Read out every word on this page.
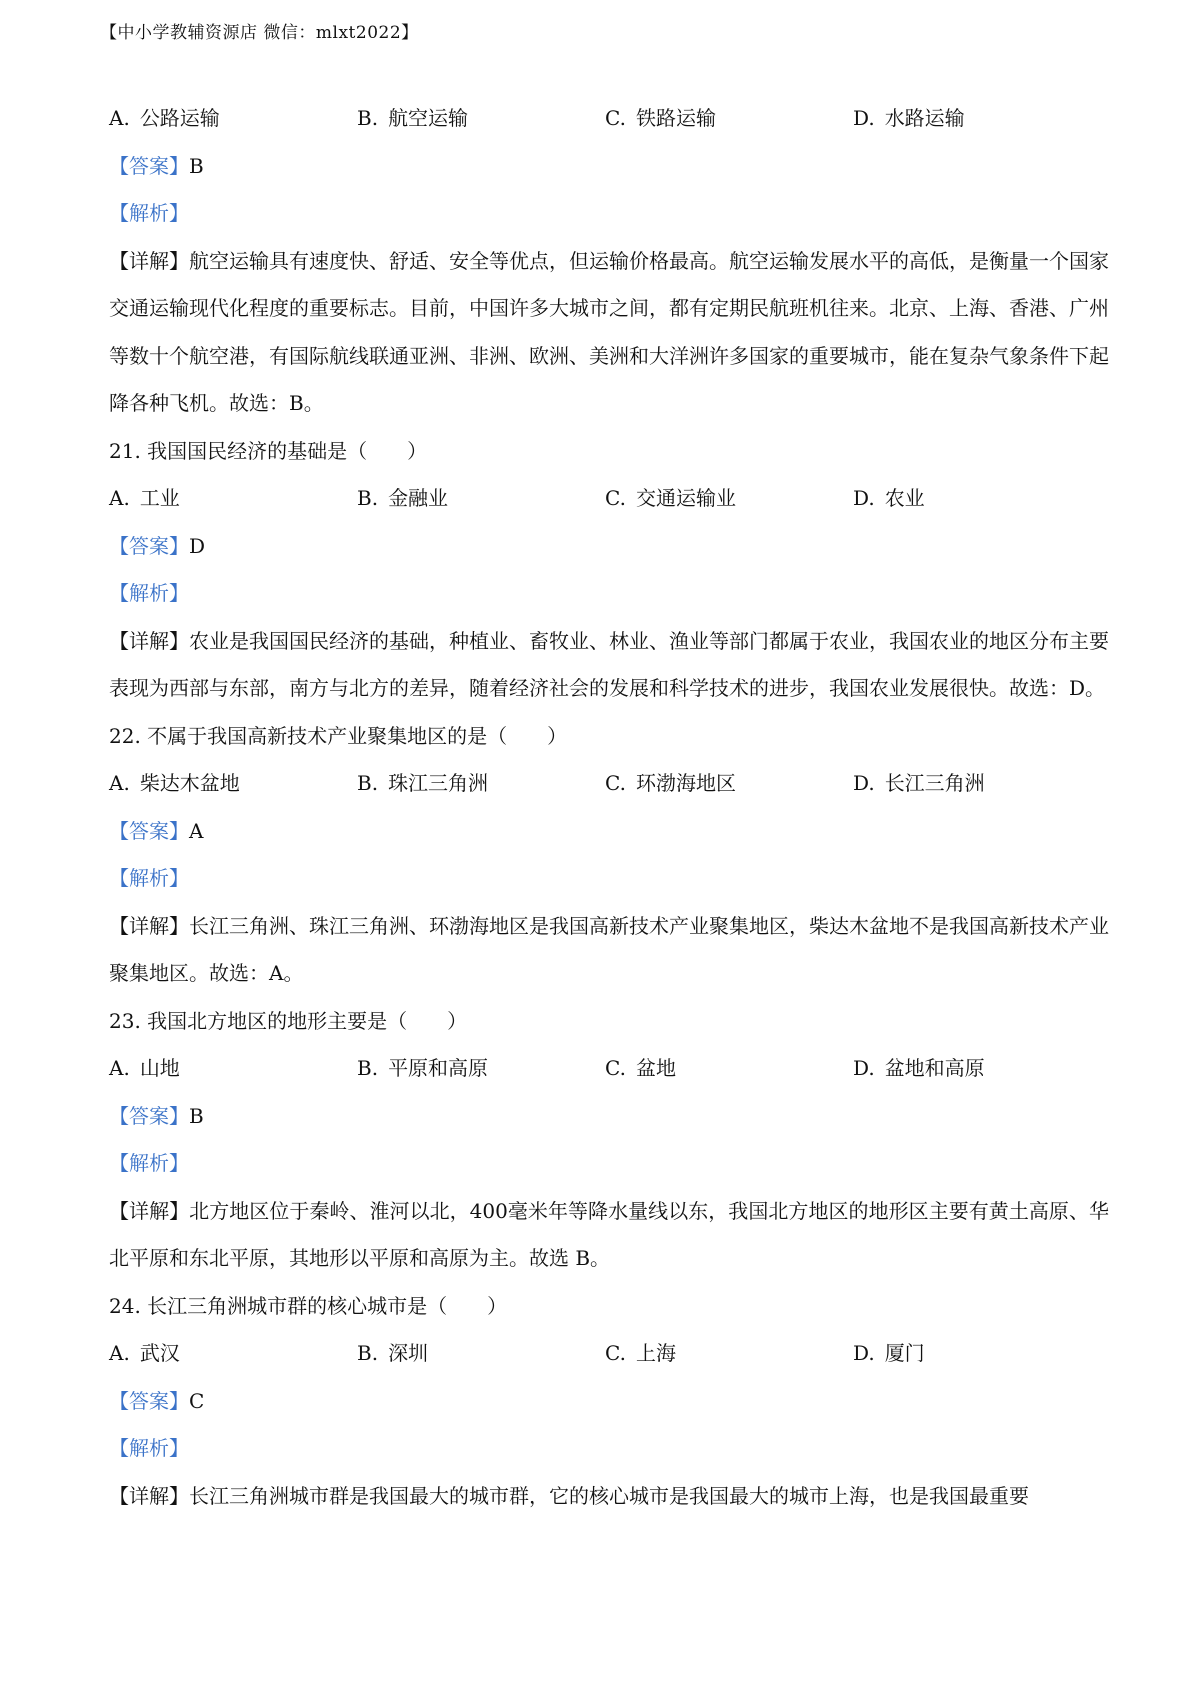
【中小学教辅资源店 微信：mlxt2022】
A. 公路运输	B. 航空运输	C. 铁路运输	D. 水路运输
【答案】B
【解析】
【详解】航空运输具有速度快、舒适、安全等优点，但运输价格最高。航空运输发展水平的高低，是衡量一个国家交通运输现代化程度的重要标志。目前，中国许多大城市之间，都有定期民航班机往来。北京、上海、香港、广州等数十个航空港，有国际航线联通亚洲、非洲、欧洲、美洲和大洋洲许多国家的重要城市，能在复杂气象条件下起降各种飞机。故选：B。
21. 我国国民经济的基础是（　　）
A. 工业	B. 金融业	C. 交通运输业	D. 农业
【答案】D
【解析】
【详解】农业是我国国民经济的基础，种植业、畜牧业、林业、渔业等部门都属于农业，我国农业的地区分布主要表现为西部与东部，南方与北方的差异，随着经济社会的发展和科学技术的进步，我国农业发展很快。故选：D。
22. 不属于我国高新技术产业聚集地区的是（　　）
A. 柴达木盆地	B. 珠江三角洲	C. 环渤海地区	D. 长江三角洲
【答案】A
【解析】
【详解】长江三角洲、珠江三角洲、环渤海地区是我国高新技术产业聚集地区，柴达木盆地不是我国高新技术产业聚集地区。故选：A。
23. 我国北方地区的地形主要是（　　）
A. 山地	B. 平原和高原	C. 盆地	D. 盆地和高原
【答案】B
【解析】
【详解】北方地区位于秦岭、淮河以北，400毫米年等降水量线以东，我国北方地区的地形区主要有黄土高原、华北平原和东北平原，其地形以平原和高原为主。故选 B。
24. 长江三角洲城市群的核心城市是（　　）
A. 武汉	B. 深圳	C. 上海	D. 厦门
【答案】C
【解析】
【详解】长江三角洲城市群是我国最大的城市群，它的核心城市是我国最大的城市上海，也是我国最重要
